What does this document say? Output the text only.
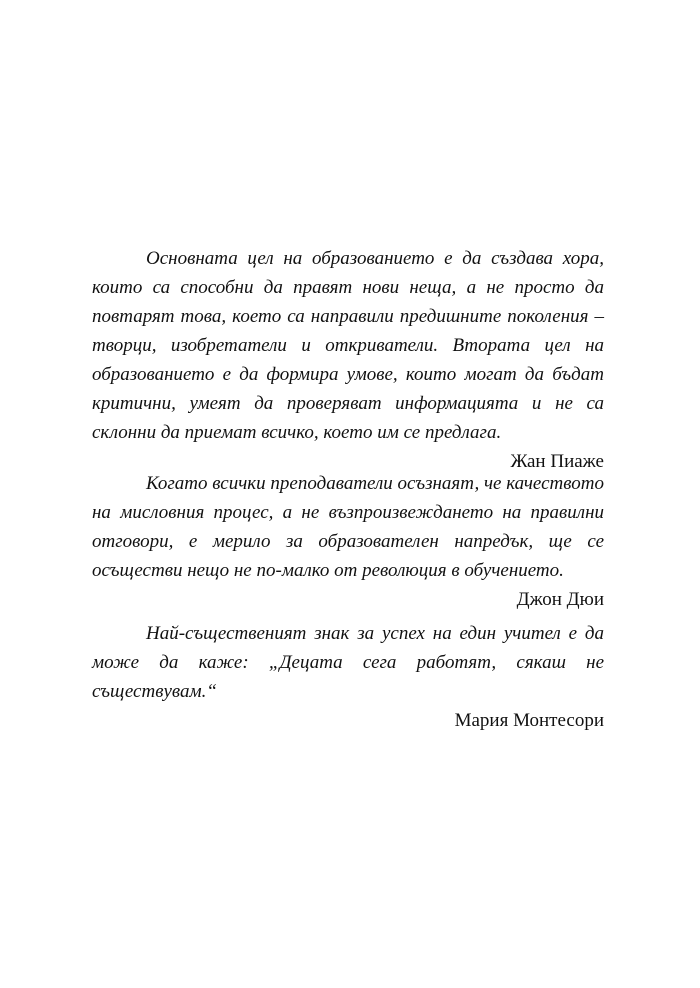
Основната цел на образованието е да създава хора, които са способни да правят нови неща, а не просто да повтарят това, което са направили предишните поколения – творци, изобретатели и откриватели. Втората цел на образованието е да формира умове, които могат да бъдат критични, умеят да проверяват информацията и не са склонни да приемат всичко, което им се предлага.

Жан Пиаже

Когато всички преподаватели осъзнаят, че качеството на мисловния процес, а не възпроизвеждането на правилни отговори, е мерило за образователен напредък, ще се осъществи нещо не по-малко от революция в обучението.

Джон Дюи

Най-съществeният знак за успех на един учител е да може да каже: „Децата сега работят, сякаш не съществувам.“

Мария Монтесори
